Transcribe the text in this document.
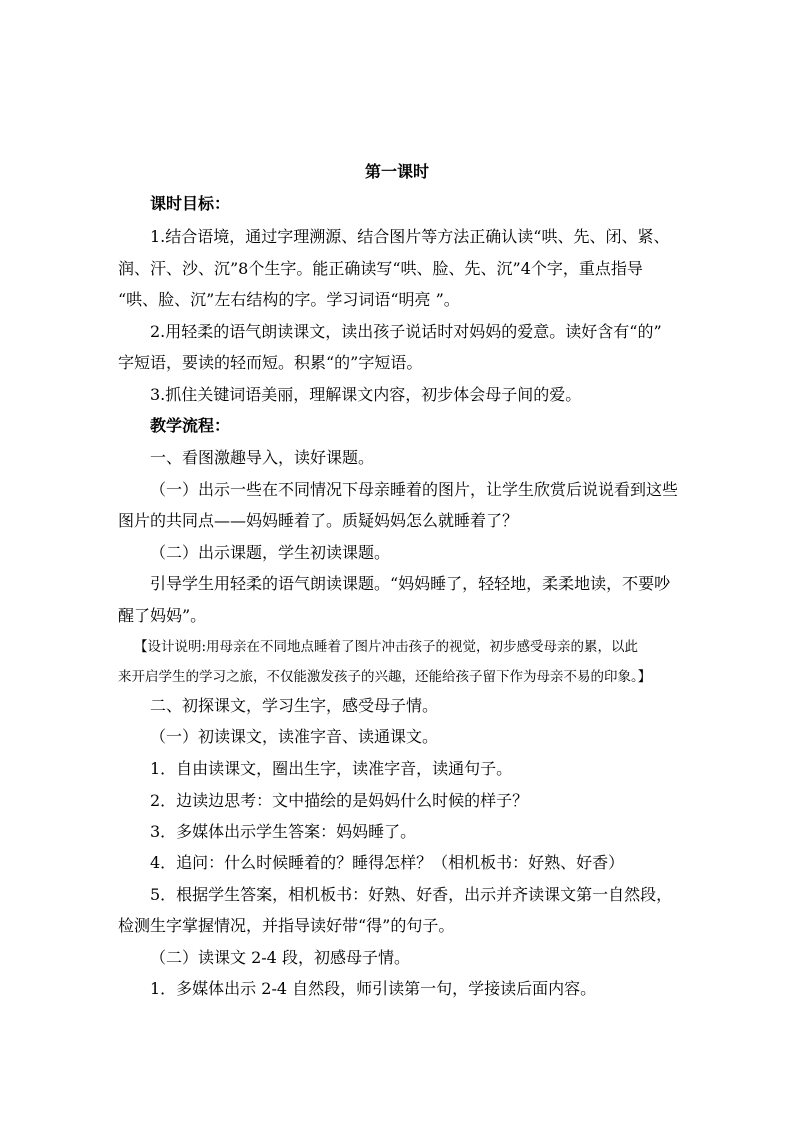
第一课时
课时目标：
1.结合语境，通过字理溯源、结合图片等方法正确认读“哄、先、闭、紧、
润、汗、沙、沉”8个生字。能正确读写“哄、脸、先、沉”4个字，重点指导
“哄、脸、沉”左右结构的字。学习词语“明亮 ”。
2.用轻柔的语气朗读课文，读出孩子说话时对妈妈的爱意。读好含有“的”
字短语，要读的轻而短。积累“的”字短语。
3.抓住关键词语美丽，理解课文内容，初步体会母子间的爱。
教学流程：
一、看图激趣导入，读好课题。
（一）出示一些在不同情况下母亲睡着的图片，让学生欣赏后说说看到这些
图片的共同点——妈妈睡着了。质疑妈妈怎么就睡着了？
（二）出示课题，学生初读课题。
引导学生用轻柔的语气朗读课题。“妈妈睡了，轻轻地，柔柔地读，不要吵
醒了妈妈”。
【设计说明:用母亲在不同地点睡着了图片冲击孩子的视觉，初步感受母亲的累，以此
来开启学生的学习之旅，不仅能激发孩子的兴趣，还能给孩子留下作为母亲不易的印象。】
二、初探课文，学习生字，感受母子情。
（一）初读课文，读准字音、读通课文。
1．自由读课文，圈出生字，读准字音，读通句子。
2．边读边思考：文中描绘的是妈妈什么时候的样子？
3．多媒体出示学生答案：妈妈睡了。
4．追问：什么时候睡着的？睡得怎样？（相机板书：好熟、好香）
5．根据学生答案，相机板书：好熟、好香，出示并齐读课文第一自然段，
检测生字掌握情况，并指导读好带“得”的句子。
（二）读课文 2-4 段，初感母子情。
1．多媒体出示 2-4 自然段，师引读第一句，学接读后面内容。
